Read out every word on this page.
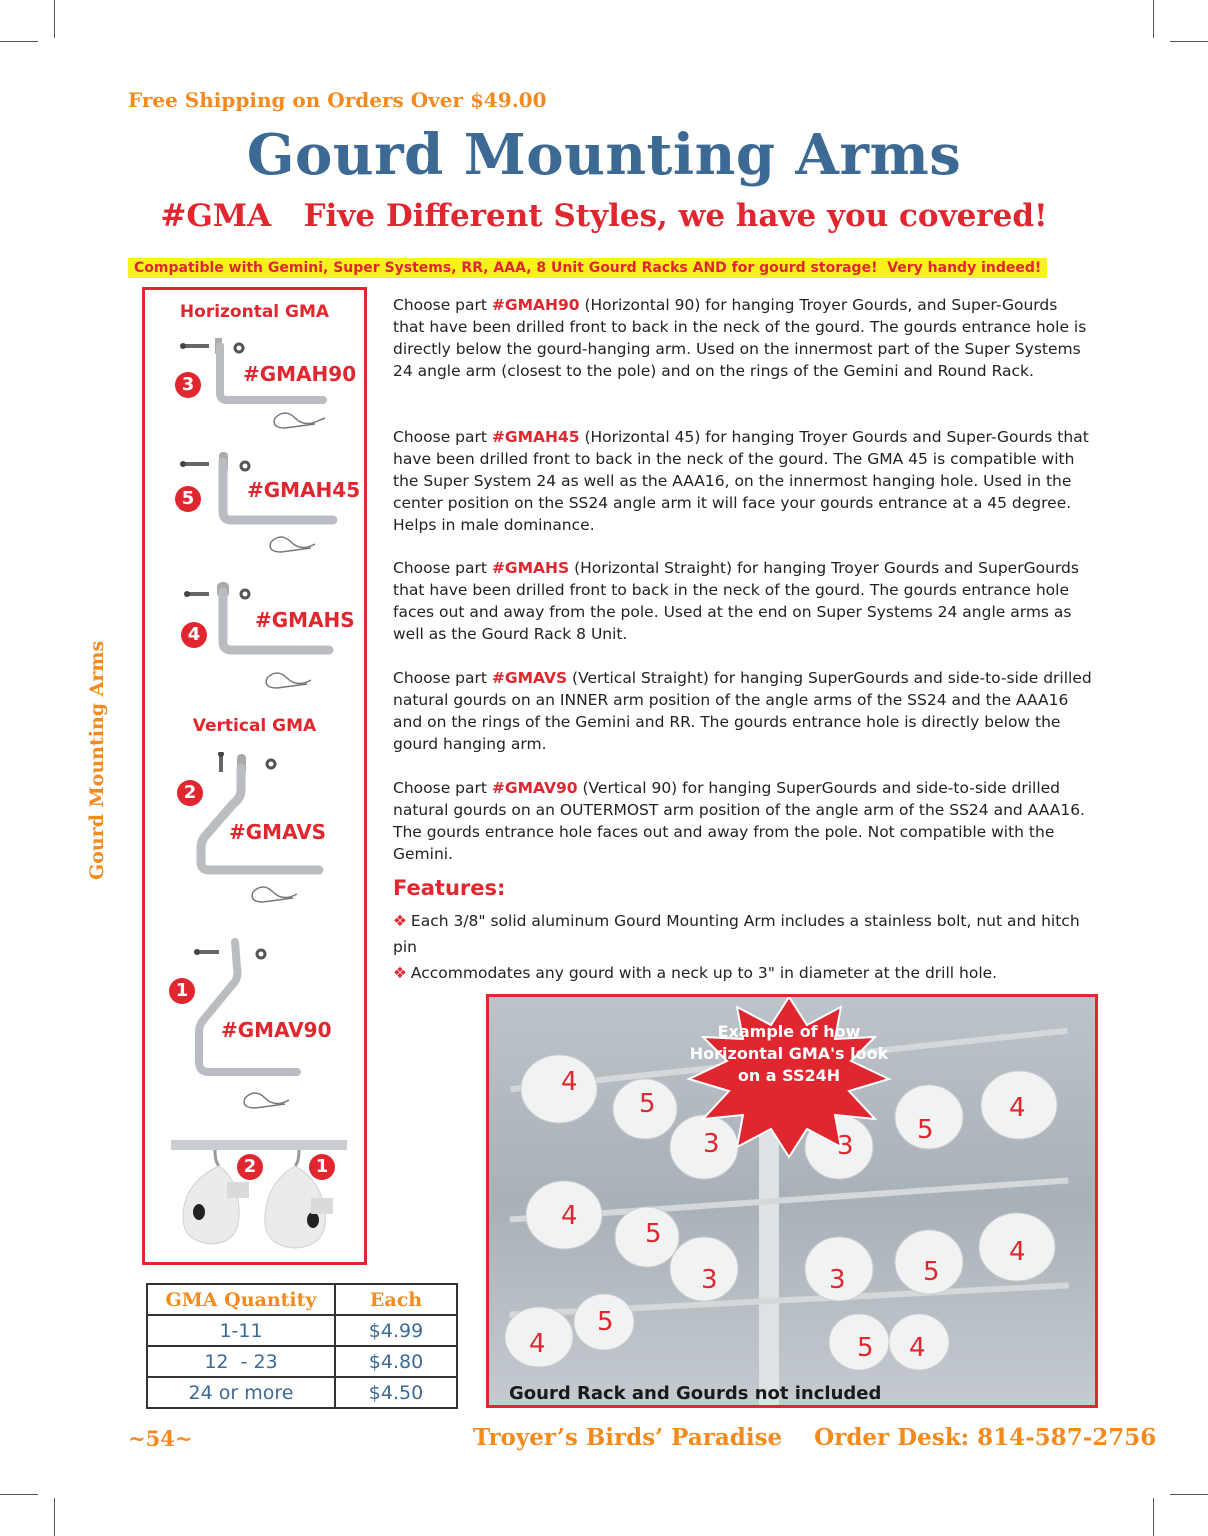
Free Shipping on Orders Over $49.00
Gourd Mounting Arms
#GMA   Five Different Styles, we have you covered!
Compatible with Gemini, Super Systems, RR, AAA, 8 Unit Gourd Racks AND for gourd storage!  Very handy indeed!
Gourd Mounting Arms
Horizontal GMA
3	#GMAH90
5	#GMAH45
4
#GMAHS
Vertical GMA
2
#GMAVS
1
#GMAV90
2	1
Choose part #GMAH90 (Horizontal 90) for hanging Troyer Gourds, and Super-Gourds that have been drilled front to back in the neck of the gourd. The gourds entrance hole is directly below the gourd-hanging arm. Used on the innermost part of the Super Systems 24 angle arm (closest to the pole) and on the rings of the Gemini and Round Rack.
Choose part #GMAH45 (Horizontal 45) for hanging Troyer Gourds and Super-Gourds that have been drilled front to back in the neck of the gourd. The GMA 45 is compatible with the Super System 24 as well as the AAA16, on the innermost hanging hole. Used in the center position on the SS24 angle arm it will face your gourds entrance at a 45 degree. Helps in male dominance.
Choose part #GMAHS (Horizontal Straight) for hanging Troyer Gourds and SuperGourds that have been drilled front to back in the neck of the gourd. The gourds entrance hole faces out and away from the pole. Used at the end on Super Systems 24 angle arms as well as the Gourd Rack 8 Unit.
Choose part #GMAVS (Vertical Straight) for hanging SuperGourds and side-to-side drilled natural gourds on an INNER arm position of the angle arms of the SS24 and the AAA16 and on the rings of the Gemini and RR. The gourds entrance hole is directly below the gourd hanging arm.
Choose part #GMAV90 (Vertical 90) for hanging SuperGourds and side-to-side drilled natural gourds on an OUTERMOST arm position of the angle arm of the SS24 and AAA16. The gourds entrance hole faces out and away from the pole. Not compatible with the Gemini.
Features:
❖ Each 3/8" solid aluminum Gourd Mounting Arm includes a stainless bolt, nut and hitch pin
❖ Accommodates any gourd with a neck up to 3" in diameter at the drill hole.
GMA Quantity	Each
1-11	$4.99
12  - 23	$4.80
24 or more	$4.50
Example of how Horizontal GMA's look on a SS24H
4
5
3	3
5
4
4
5
3	3	5
4
4
5
5 4
Gourd Rack and Gourds not included
~54~	Troyer’s Birds’ Paradise Order Desk: 814-587-2756
